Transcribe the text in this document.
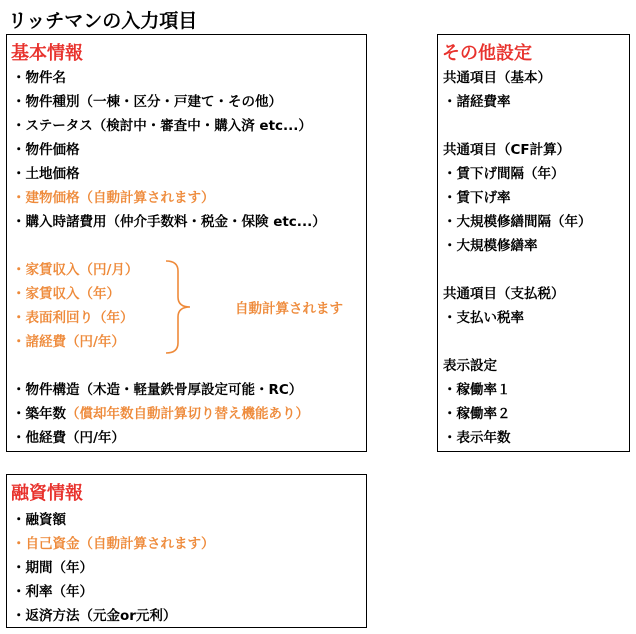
リッチマンの入力項目
基本情報
・物件名
・物件種別（一棟・区分・戸建て・その他）
・ステータス（検討中・審査中・購入済 etc...）
・物件価格
・土地価格
・建物価格（自動計算されます）
・購入時諸費用（仲介手数料・税金・保険 etc...）
・家賃収入（円/月）
・家賃収入（年）
・表面利回り（年）
・諸経費（円/年）
自動計算されます
・物件構造（木造・軽量鉄骨厚設定可能・RC）
・築年数（償却年数自動計算切り替え機能あり）
・他経費（円/年）
融資情報
・融資額
・自己資金（自動計算されます）
・期間（年）
・利率（年）
・返済方法（元金or元利）
その他設定
共通項目（基本）
・諸経費率
共通項目（CF計算）
・賃下げ間隔（年）
・賃下げ率
・大規模修繕間隔（年）
・大規模修繕率
共通項目（支払税）
・支払い税率
表示設定
・稼働率１
・稼働率２
・表示年数
